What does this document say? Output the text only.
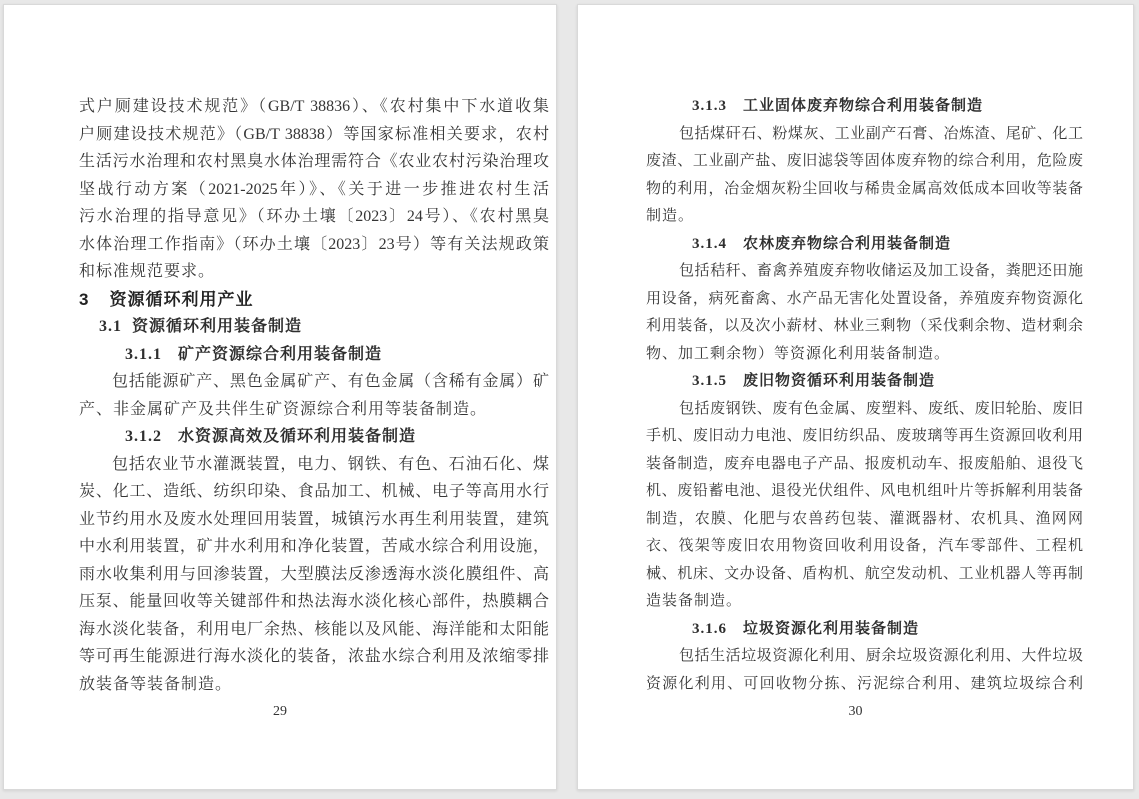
式户厕建设技术规范》（GB/T 38836）、《农村集中下水道收集
户厕建设技术规范》（GB/T 38838）等国家标准相关要求，农村
生活污水治理和农村黑臭水体治理需符合《农业农村污染治理攻
坚战行动方案（2021-2025年）》、《关于进一步推进农村生活
污水治理的指导意见》（环办土壤〔2023〕24号）、《农村黑臭
水体治理工作指南》（环办土壤〔2023〕23号）等有关法规政策
和标准规范要求。
3 资源循环利用产业
3.1 资源循环利用装备制造
3.1.1 矿产资源综合利用装备制造
包括能源矿产、黑色金属矿产、有色金属（含稀有金属）矿
产、非金属矿产及共伴生矿资源综合利用等装备制造。
3.1.2 水资源高效及循环利用装备制造
包括农业节水灌溉装置，电力、钢铁、有色、石油石化、煤
炭、化工、造纸、纺织印染、食品加工、机械、电子等高用水行
业节约用水及废水处理回用装置，城镇污水再生利用装置，建筑
中水利用装置，矿井水利用和净化装置，苦咸水综合利用设施，
雨水收集利用与回渗装置，大型膜法反渗透海水淡化膜组件、高
压泵、能量回收等关键部件和热法海水淡化核心部件，热膜耦合
海水淡化装备，利用电厂余热、核能以及风能、海洋能和太阳能
等可再生能源进行海水淡化的装备，浓盐水综合利用及浓缩零排
放装备等装备制造。
29
3.1.3 工业固体废弃物综合利用装备制造
包括煤矸石、粉煤灰、工业副产石膏、冶炼渣、尾矿、化工
废渣、工业副产盐、废旧滤袋等固体废弃物的综合利用，危险废
物的利用，冶金烟灰粉尘回收与稀贵金属高效低成本回收等装备
制造。
3.1.4 农林废弃物综合利用装备制造
包括秸秆、畜禽养殖废弃物收储运及加工设备，粪肥还田施
用设备，病死畜禽、水产品无害化处置设备，养殖废弃物资源化
利用装备，以及次小薪材、林业三剩物（采伐剩余物、造材剩余
物、加工剩余物）等资源化利用装备制造。
3.1.5 废旧物资循环利用装备制造
包括废钢铁、废有色金属、废塑料、废纸、废旧轮胎、废旧
手机、废旧动力电池、废旧纺织品、废玻璃等再生资源回收利用
装备制造，废弃电器电子产品、报废机动车、报废船舶、退役飞
机、废铅蓄电池、退役光伏组件、风电机组叶片等拆解利用装备
制造，农膜、化肥与农兽药包装、灌溉器材、农机具、渔网网
衣、筏架等废旧农用物资回收利用设备，汽车零部件、工程机
械、机床、文办设备、盾构机、航空发动机、工业机器人等再制
造装备制造。
3.1.6 垃圾资源化利用装备制造
包括生活垃圾资源化利用、厨余垃圾资源化利用、大件垃圾
资源化利用、可回收物分拣、污泥综合利用、建筑垃圾综合利
30
